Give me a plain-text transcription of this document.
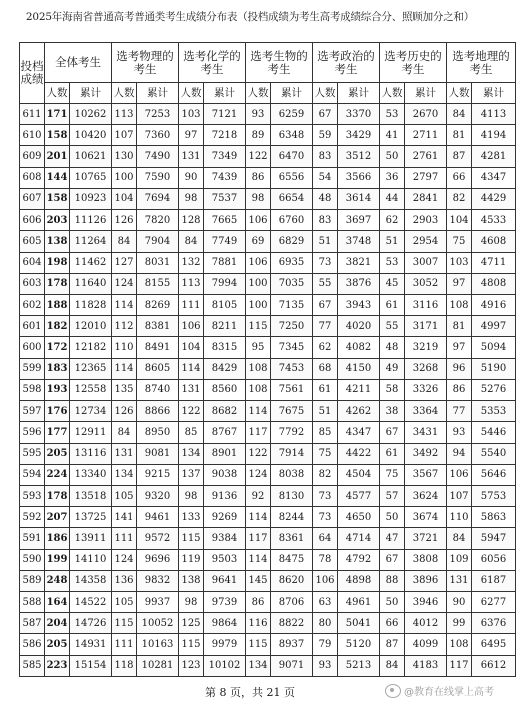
2025年海南省普通高考普通类考生成绩分布表（投档成绩为考生高考成绩综合分、照顾加分之和）
投档成绩	全体考生		选考物理的考生		选考化学的考生		选考生物的考生		选考政治的考生		选考历史的考生		选考地理的考生	
	人数	累计	人数	累计	人数	累计	人数	累计	人数	累计	人数	累计	人数	累计
611	171	10262	113	7253	103	7121	93	6259	67	3370	53	2670	84	4113
610	158	10420	107	7360	97	7218	89	6348	59	3429	41	2711	81	4194
609	201	10621	130	7490	131	7349	122	6470	83	3512	50	2761	87	4281
608	144	10765	100	7590	90	7439	86	6556	54	3566	36	2797	66	4347
607	158	10923	104	7694	98	7537	98	6654	48	3614	44	2841	82	4429
606	203	11126	126	7820	128	7665	106	6760	83	3697	62	2903	104	4533
605	138	11264	84	7904	84	7749	69	6829	51	3748	51	2954	75	4608
604	198	11462	127	8031	132	7881	106	6935	73	3821	53	3007	103	4711
603	178	11640	124	8155	113	7994	100	7035	55	3876	45	3052	97	4808
602	188	11828	114	8269	111	8105	100	7135	67	3943	61	3116	108	4916
601	182	12010	112	8381	106	8211	115	7250	77	4020	55	3171	81	4997
600	172	12182	110	8491	104	8315	95	7345	62	4082	48	3219	97	5094
599	183	12365	114	8605	114	8429	108	7453	68	4150	49	3268	96	5190
598	193	12558	135	8740	131	8560	108	7561	61	4211	58	3326	86	5276
597	176	12734	126	8866	122	8682	114	7675	51	4262	38	3364	77	5353
596	177	12911	84	8950	85	8767	117	7792	85	4347	67	3431	93	5446
595	205	13116	131	9081	134	8901	122	7914	75	4422	61	3492	94	5540
594	224	13340	134	9215	137	9038	124	8038	82	4504	75	3567	106	5646
593	178	13518	105	9320	98	9136	92	8130	73	4577	57	3624	107	5753
592	207	13725	141	9461	133	9269	114	8244	73	4650	50	3674	110	5863
591	186	13911	111	9572	115	9384	117	8361	64	4714	47	3721	84	5947
590	199	14110	124	9696	119	9503	114	8475	78	4792	67	3808	109	6056
589	248	14358	136	9832	138	9641	145	8620	106	4898	88	3896	131	6187
588	164	14522	105	9937	98	9739	86	8706	63	4961	50	3946	90	6277
587	204	14726	115	10052	125	9864	116	8822	80	5041	66	4012	99	6376
586	205	14931	111	10163	115	9979	115	8937	79	5120	87	4099	108	6495
585	223	15154	118	10281	123	10102	134	9071	93	5213	84	4183	117	6612
第 8 页，共 21 页	@教育在线掌上高考
